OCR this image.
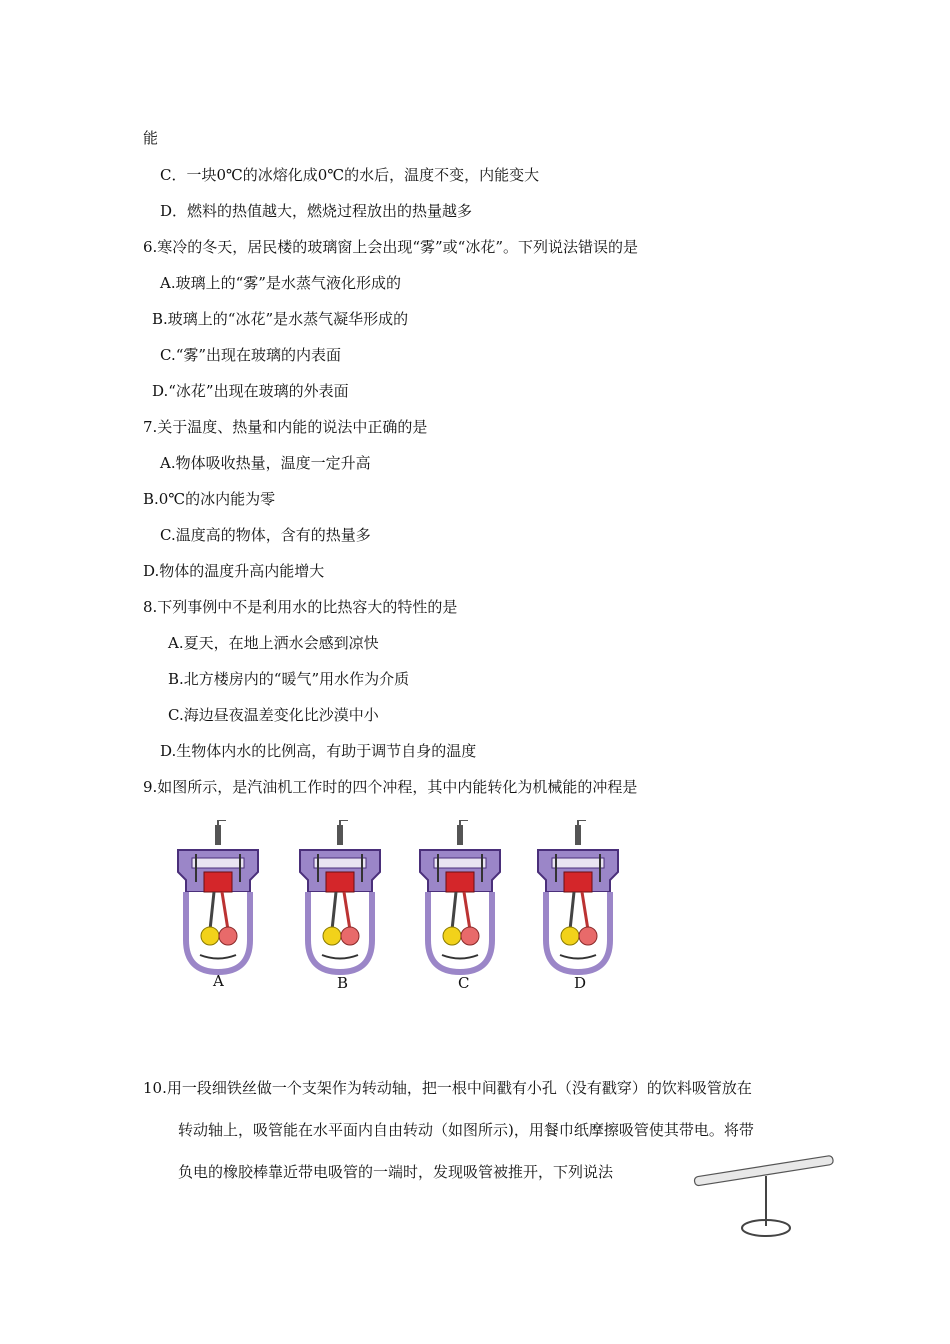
能
C．一块0℃的冰熔化成0℃的水后，温度不变，内能变大
D．燃料的热值越大，燃烧过程放出的热量越多
6.寒冷的冬天，居民楼的玻璃窗上会出现“雾”或“冰花”。下列说法错误的是
A.玻璃上的“雾”是水蒸气液化形成的
B.玻璃上的“冰花”是水蒸气凝华形成的
C.“雾”出现在玻璃的内表面
D.“冰花”出现在玻璃的外表面
7.关于温度、热量和内能的说法中正确的是
A.物体吸收热量，温度一定升高
B.0℃的冰内能为零
C.温度高的物体，含有的热量多
D.物体的温度升高内能增大
8.下列事例中不是利用水的比热容大的特性的是
A.夏天，在地上洒水会感到凉快
B.北方楼房内的“暖气”用水作为介质
C.海边昼夜温差变化比沙漠中小
D.生物体内水的比例高，有助于调节自身的温度
9.如图所示，是汽油机工作时的四个冲程，其中内能转化为机械能的冲程是
A	B	C	D
10.用一段细铁丝做一个支架作为转动轴，把一根中间戳有小孔（没有戳穿）的饮料吸管放在
转动轴上，吸管能在水平面内自由转动（如图所示)，用餐巾纸摩擦吸管使其带电。将带
负电的橡胶棒靠近带电吸管的一端时，发现吸管被推开，下列说法
